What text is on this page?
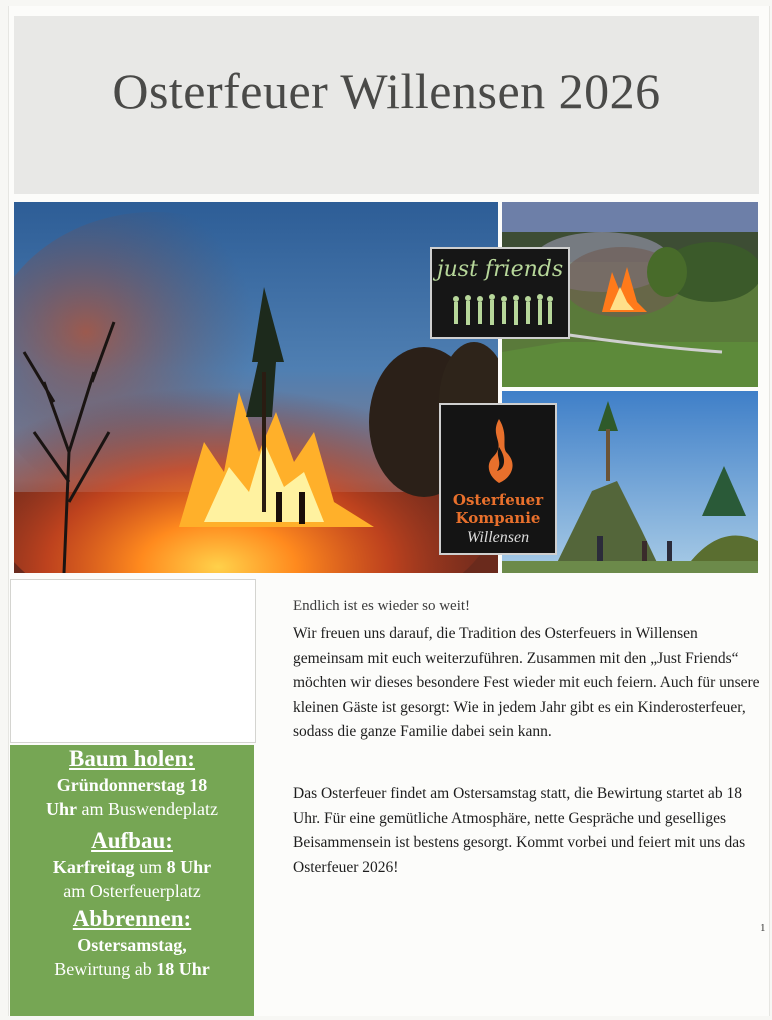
Osterfeuer Willensen 2026
just friends
Osterfeuer
Kompanie
Willensen
Baum holen:
Gründonnerstag 18
Uhr am Buswendeplatz
Aufbau:
Karfreitag um 8 Uhr
am Osterfeuerplatz
Abbrennen:
Ostersamstag,
Bewirtung ab 18 Uhr
Endlich ist es wieder so weit!
Wir freuen uns darauf, die Tradition des Osterfeuers in Willensen gemeinsam mit euch weiterzuführen. Zusammen mit den „Just Friends“ möchten wir dieses besondere Fest wieder mit euch feiern. Auch für unsere kleinen Gäste ist gesorgt: Wie in jedem Jahr gibt es ein Kinderosterfeuer, sodass die ganze Familie dabei sein kann.
Das Osterfeuer findet am Ostersamstag statt, die Bewirtung startet ab 18 Uhr. Für eine gemütliche Atmosphäre, nette Gespräche und geselliges Beisammensein ist bestens gesorgt. Kommt vorbei und feiert mit uns das Osterfeuer 2026!
1
